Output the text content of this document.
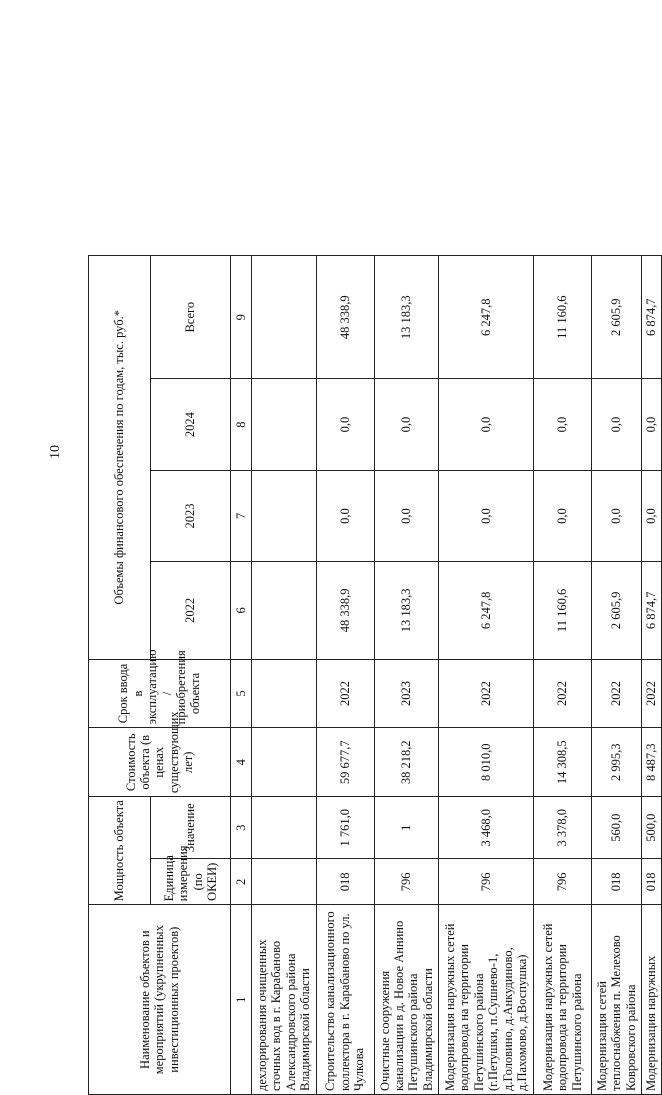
10
Наименование объектов и мероприятий (укрупненных инвестиционных проектов)	Мощность объекта		Стоимость объекта (в ценах существующих лет)	Срок ввода в эксплуатацию / приобретения объекта	Объемы финансового обеспечения по годам, тыс. руб.*			
	Единица измерения (по ОКЕИ)	Значение			2022	2023	2024	Всего
1	2	3	4	5	6	7	8	9
дехлорирования очищенных сточных вод в г. Карабаново Александровского района Владимирской области								
Строительство канализационного коллектора в г. Карабаново по ул. Чулкова	018	1 761,0	59 677,7	2022	48 338,9	0,0	0,0	48 338,9
Очистные сооружения канализации в д. Новое Аннино Петушинского района Владимирской области	796	1	38 218,2	2023	13 183,3	0,0	0,0	13 183,3
Модернизация наружных сетей водопровода на территории Петушинского района (г.Петушки, п.Сушнево-1, д.Головино, д.Анкудиново, д.Пахомово, д.Воспушка)	796	3 468,0	8 010,0	2022	6 247,8	0,0	0,0	6 247,8
Модернизация наружных сетей водопровода на территории Петушинского района	796	3 378,0	14 308,5	2022	11 160,6	0,0	0,0	11 160,6
Модернизация сетей теплоснабжения п. Мелехово Ковровского района	018	560,0	2 995,3	2022	2 605,9	0,0	0,0	2 605,9
Модернизация наружных	018	500,0	8 487,3	2022	6 874,7	0,0	0,0	6 874,7
